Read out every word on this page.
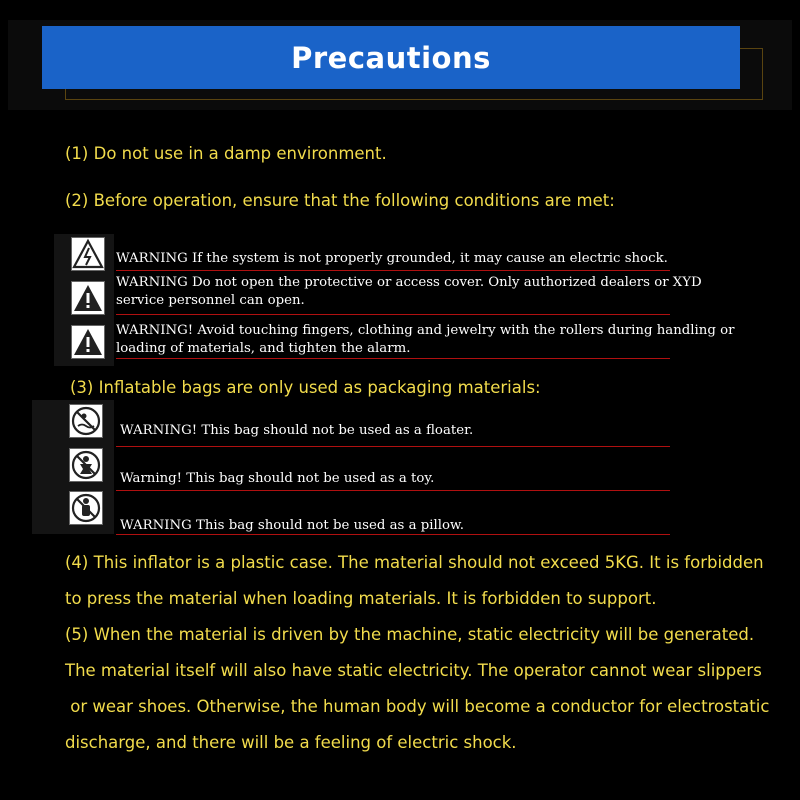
Precautions
(1) Do not use in a damp environment.
(2) Before operation, ensure that the following conditions are met:
WARNING If the system is not properly grounded, it may cause an electric shock.
WARNING Do not open the protective or access cover. Only authorized dealers or XYD
service personnel can open.
WARNING! Avoid touching fingers, clothing and jewelry with the rollers during handling or
loading of materials, and tighten the alarm.
(3) Inflatable bags are only used as packaging materials:
WARNING! This bag should not be used as a floater.
Warning! This bag should not be used as a toy.
WARNING This bag should not be used as a pillow.
(4) This inflator is a plastic case. The material should not exceed 5KG. It is forbidden
to press the material when loading materials. It is forbidden to support.
(5) When the material is driven by the machine, static electricity will be generated.
The material itself will also have static electricity. The operator cannot wear slippers
or wear shoes. Otherwise, the human body will become a conductor for electrostatic
discharge, and there will be a feeling of electric shock.
